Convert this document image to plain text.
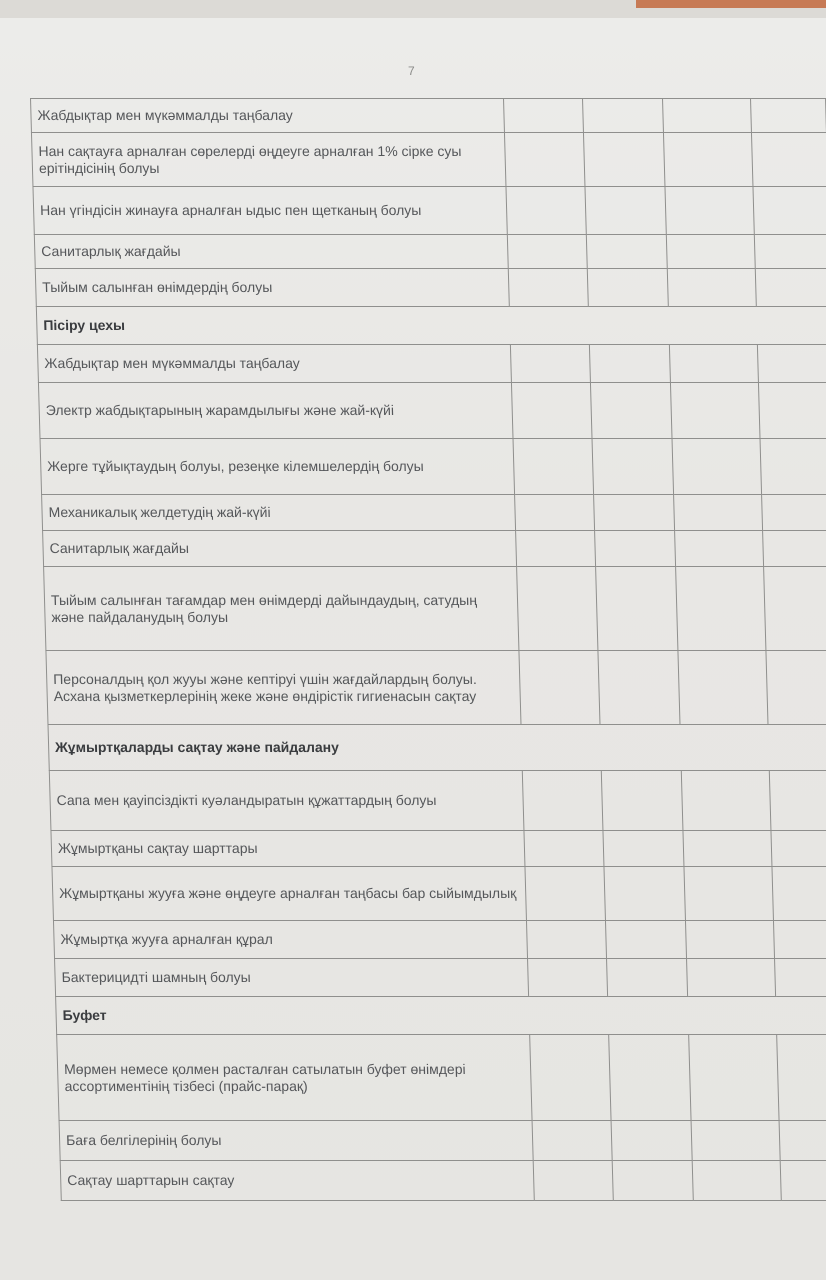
7
Жабдықтар мен мүкәммалды таңбалау				
Нан сақтауға арналған сөрелерді өңдеуге арналған 1% сірке суы ерітіндісінің болуы				
Нан үгіндісін жинауға арналған ыдыс пен щетканың болуы				
Санитарлық жағдайы				
Тыйым салынған өнімдердің болуы				
Пісіру цехы				
Жабдықтар мен мүкәммалды таңбалау				
Электр жабдықтарының жарамдылығы және жай-күйі				
Жерге тұйықтаудың болуы, резеңке кілемшелердің болуы				
Механикалық желдетудің жай-күйі				
Санитарлық жағдайы				
Тыйым салынған тағамдар мен өнімдерді дайындаудың, сатудың және пайдаланудың болуы				
Персоналдың қол жууы және кептіруі үшін жағдайлардың болуы. Асхана қызметкерлерінің жеке және өндірістік гигиенасын сақтау				
Жұмыртқаларды сақтау және пайдалану				
Сапа мен қауіпсіздікті куәландыратын құжаттардың болуы				
Жұмыртқаны сақтау шарттары				
Жұмыртқаны жууға және өңдеуге арналған таңбасы бар сыйымдылық				
Жұмыртқа жууға арналған құрал				
Бактерицидті шамның болуы				
Буфет				
Мөрмен немесе қолмен расталған сатылатын буфет өнімдері ассортиментінің тізбесі (прайс-парақ)				
Баға белгілерінің болуы				
Сақтау шарттарын сақтау				
